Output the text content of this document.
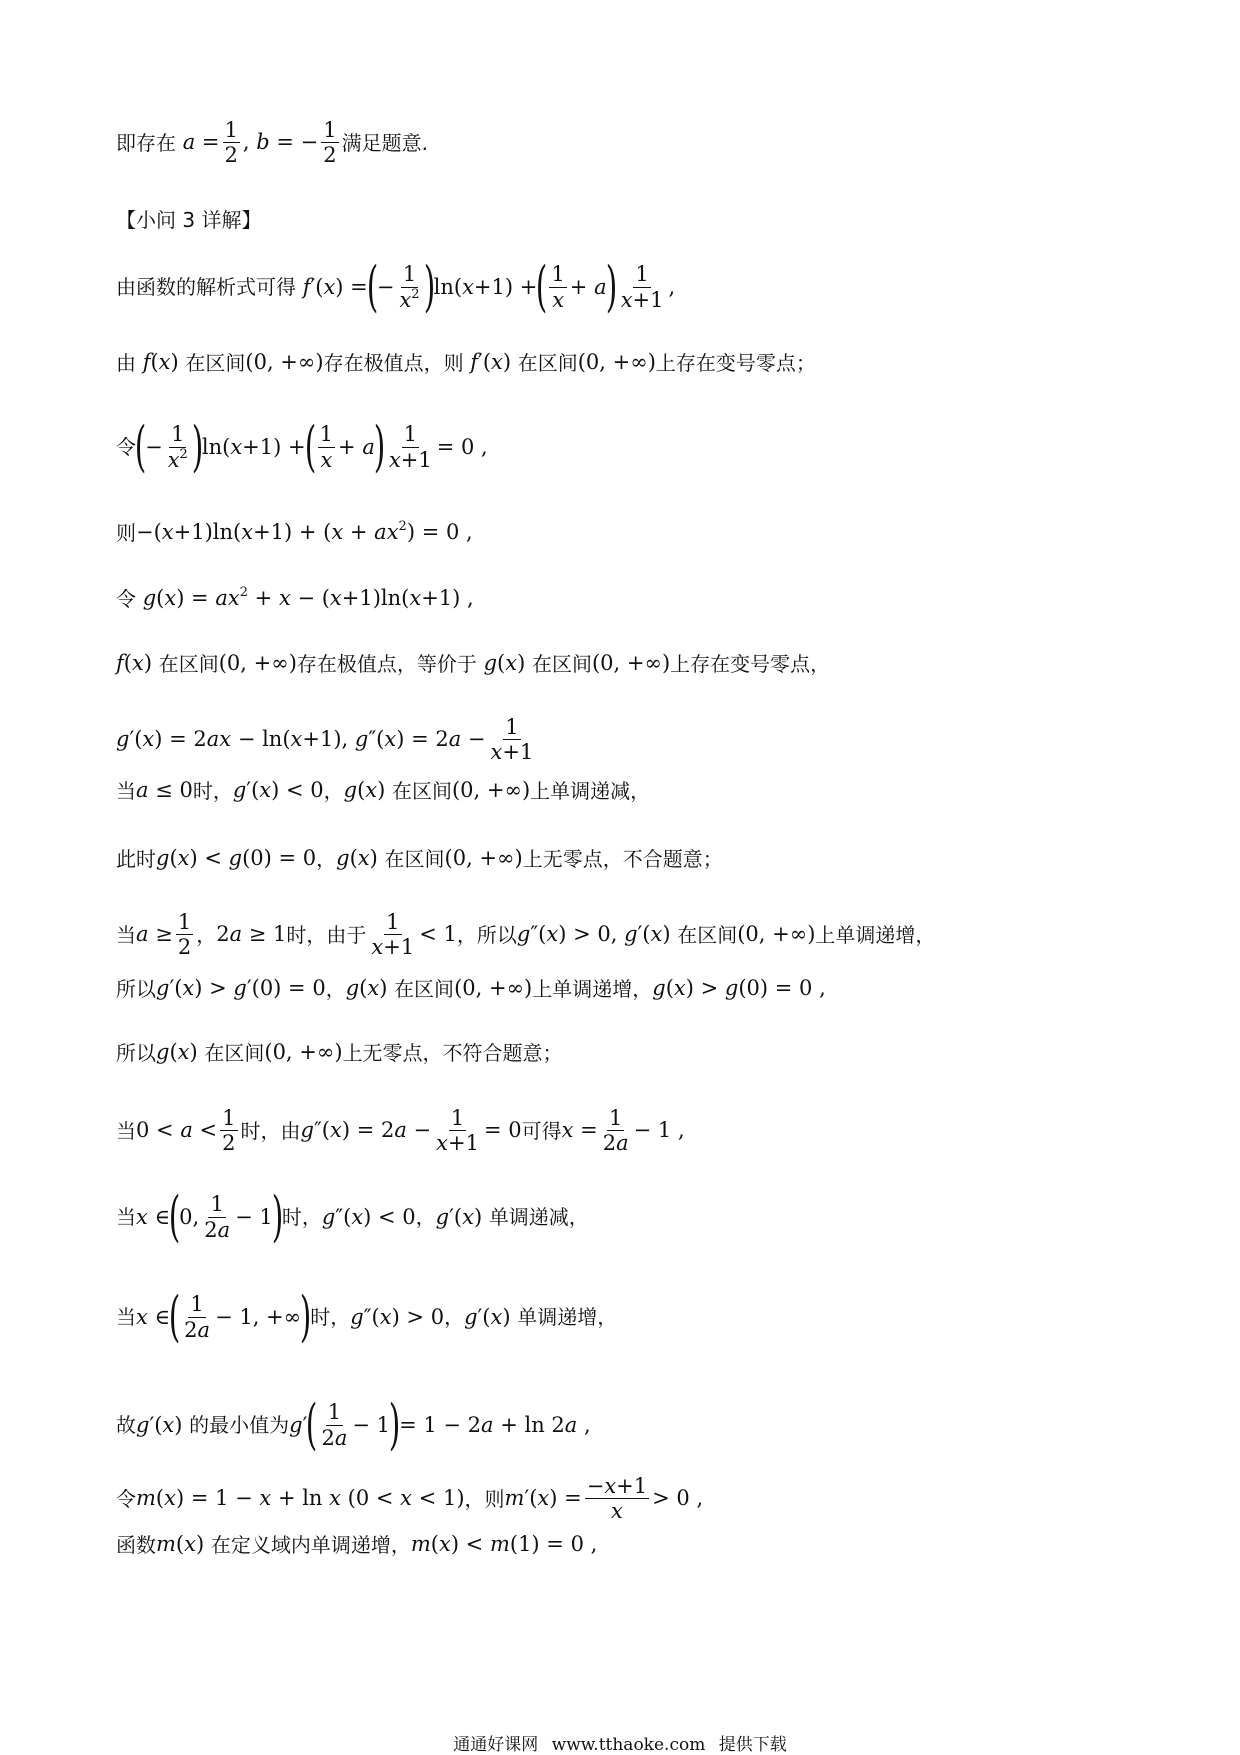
即存在 $a = \frac{1}{2}$ , b = − $\frac{1}{2}$ 满足题意.
【小问 3 详解】
由函数的解析式可得 f′(x) =
(
− $\frac{1}{x^2}$ )
ln(x+1) +
( $\frac{1}{x} + a$
) $\frac{1}{x+1}$ ,
由 f(x) 在区间 (0, +∞) 存在极值点，则 f′(x) 在区间 (0, +∞) 上存在变号零点；
令
(
− $\frac{1}{x^2}$ )
ln(x+1) +
( $\frac{1}{x} + a$
) $\frac{1}{x+1} = 0$ ,
则 $-(x+1)\ln(x+1) + (x + ax^2) = 0$ ,
令 $g(x) = ax^2 + x - (x+1)\ln(x+1)$ ,
f(x) 在区间 (0, +∞) 存在极值点，等价于 g(x) 在区间 (0, +∞) 上存在变号零点，
g′(x) = 2ax − ln(x+1), $g''(x) = 2a - \frac{1}{x+1}$
当 a ≤ 0 时， g′(x) < 0 ， g(x) 在区间 (0, +∞) 上单调递减，
此时 g(x) < g(0) = 0 ， g(x) 在区间 (0, +∞) 上无零点，不合题意；
当 $a \ge \frac{1}{2}$ ， 2a ≥ 1 时，由于 $\frac{1}{x+1} < 1$ ，所以 g″(x) > 0, g′(x) 在区间 (0, +∞) 上单调递增，
所以 g′(x) > g′(0) = 0 ， g(x) 在区间 (0, +∞) 上单调递增， g(x) > g(0) = 0 ,
所以 g(x) 在区间 (0, +∞) 上无零点，不符合题意；
当 $0 < a < \frac{1}{2}$ 时，由 $g''(x) = 2a - \frac{1}{x+1} = 0$ 可得 $x = \frac{1}{2a} - 1$ ,
当 x ∈
(
0, $\frac{1}{2a} - 1$
)
时， g″(x) < 0 ， g′(x) 单调递减，
当 x ∈
( $\frac{1}{2a} - 1$, +∞
)
时， g″(x) > 0 ， g′(x) 单调递增，
故 g′(x) 的最小值为 g′
( $\frac{1}{2a} - 1$
)
= 1 − 2a + ln 2a ,
令 m(x) = 1 − x + ln x (0 < x < 1) ，则 $m'(x) = \frac{-x+1}{x} > 0$ ,
函数 m(x) 在定义域内单调递增， m(x) < m(1) = 0 ,
通通好课网 www.tthaoke.com 提供下载
